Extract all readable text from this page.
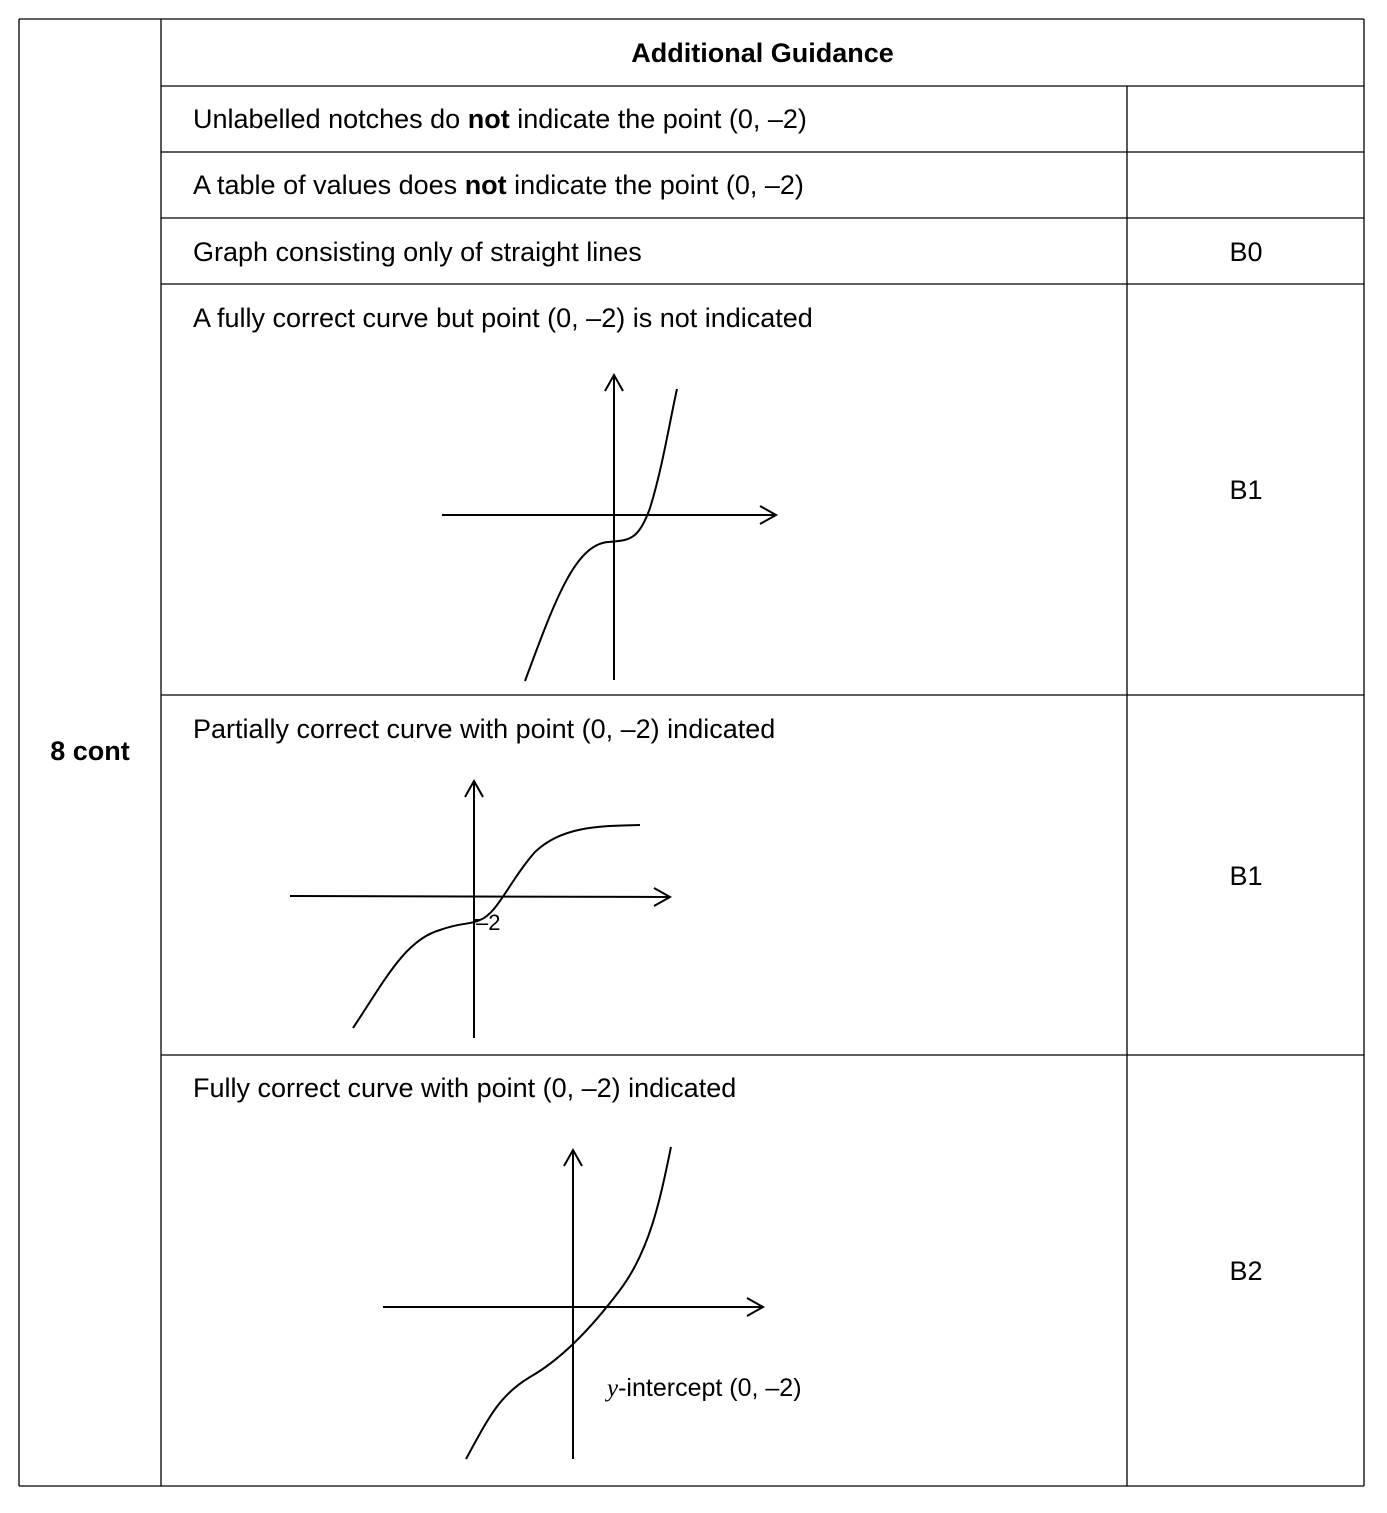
8 cont
Additional Guidance
Unlabelled notches do not indicate the point (0, –2)
A table of values does not indicate the point (0, –2)
Graph consisting only of straight lines
A fully correct curve but point (0, –2) is not indicated
Partially correct curve with point (0, –2) indicated
Fully correct curve with point (0, –2) indicated
B0
B1
B1
B2
–2
y-intercept (0, –2)
